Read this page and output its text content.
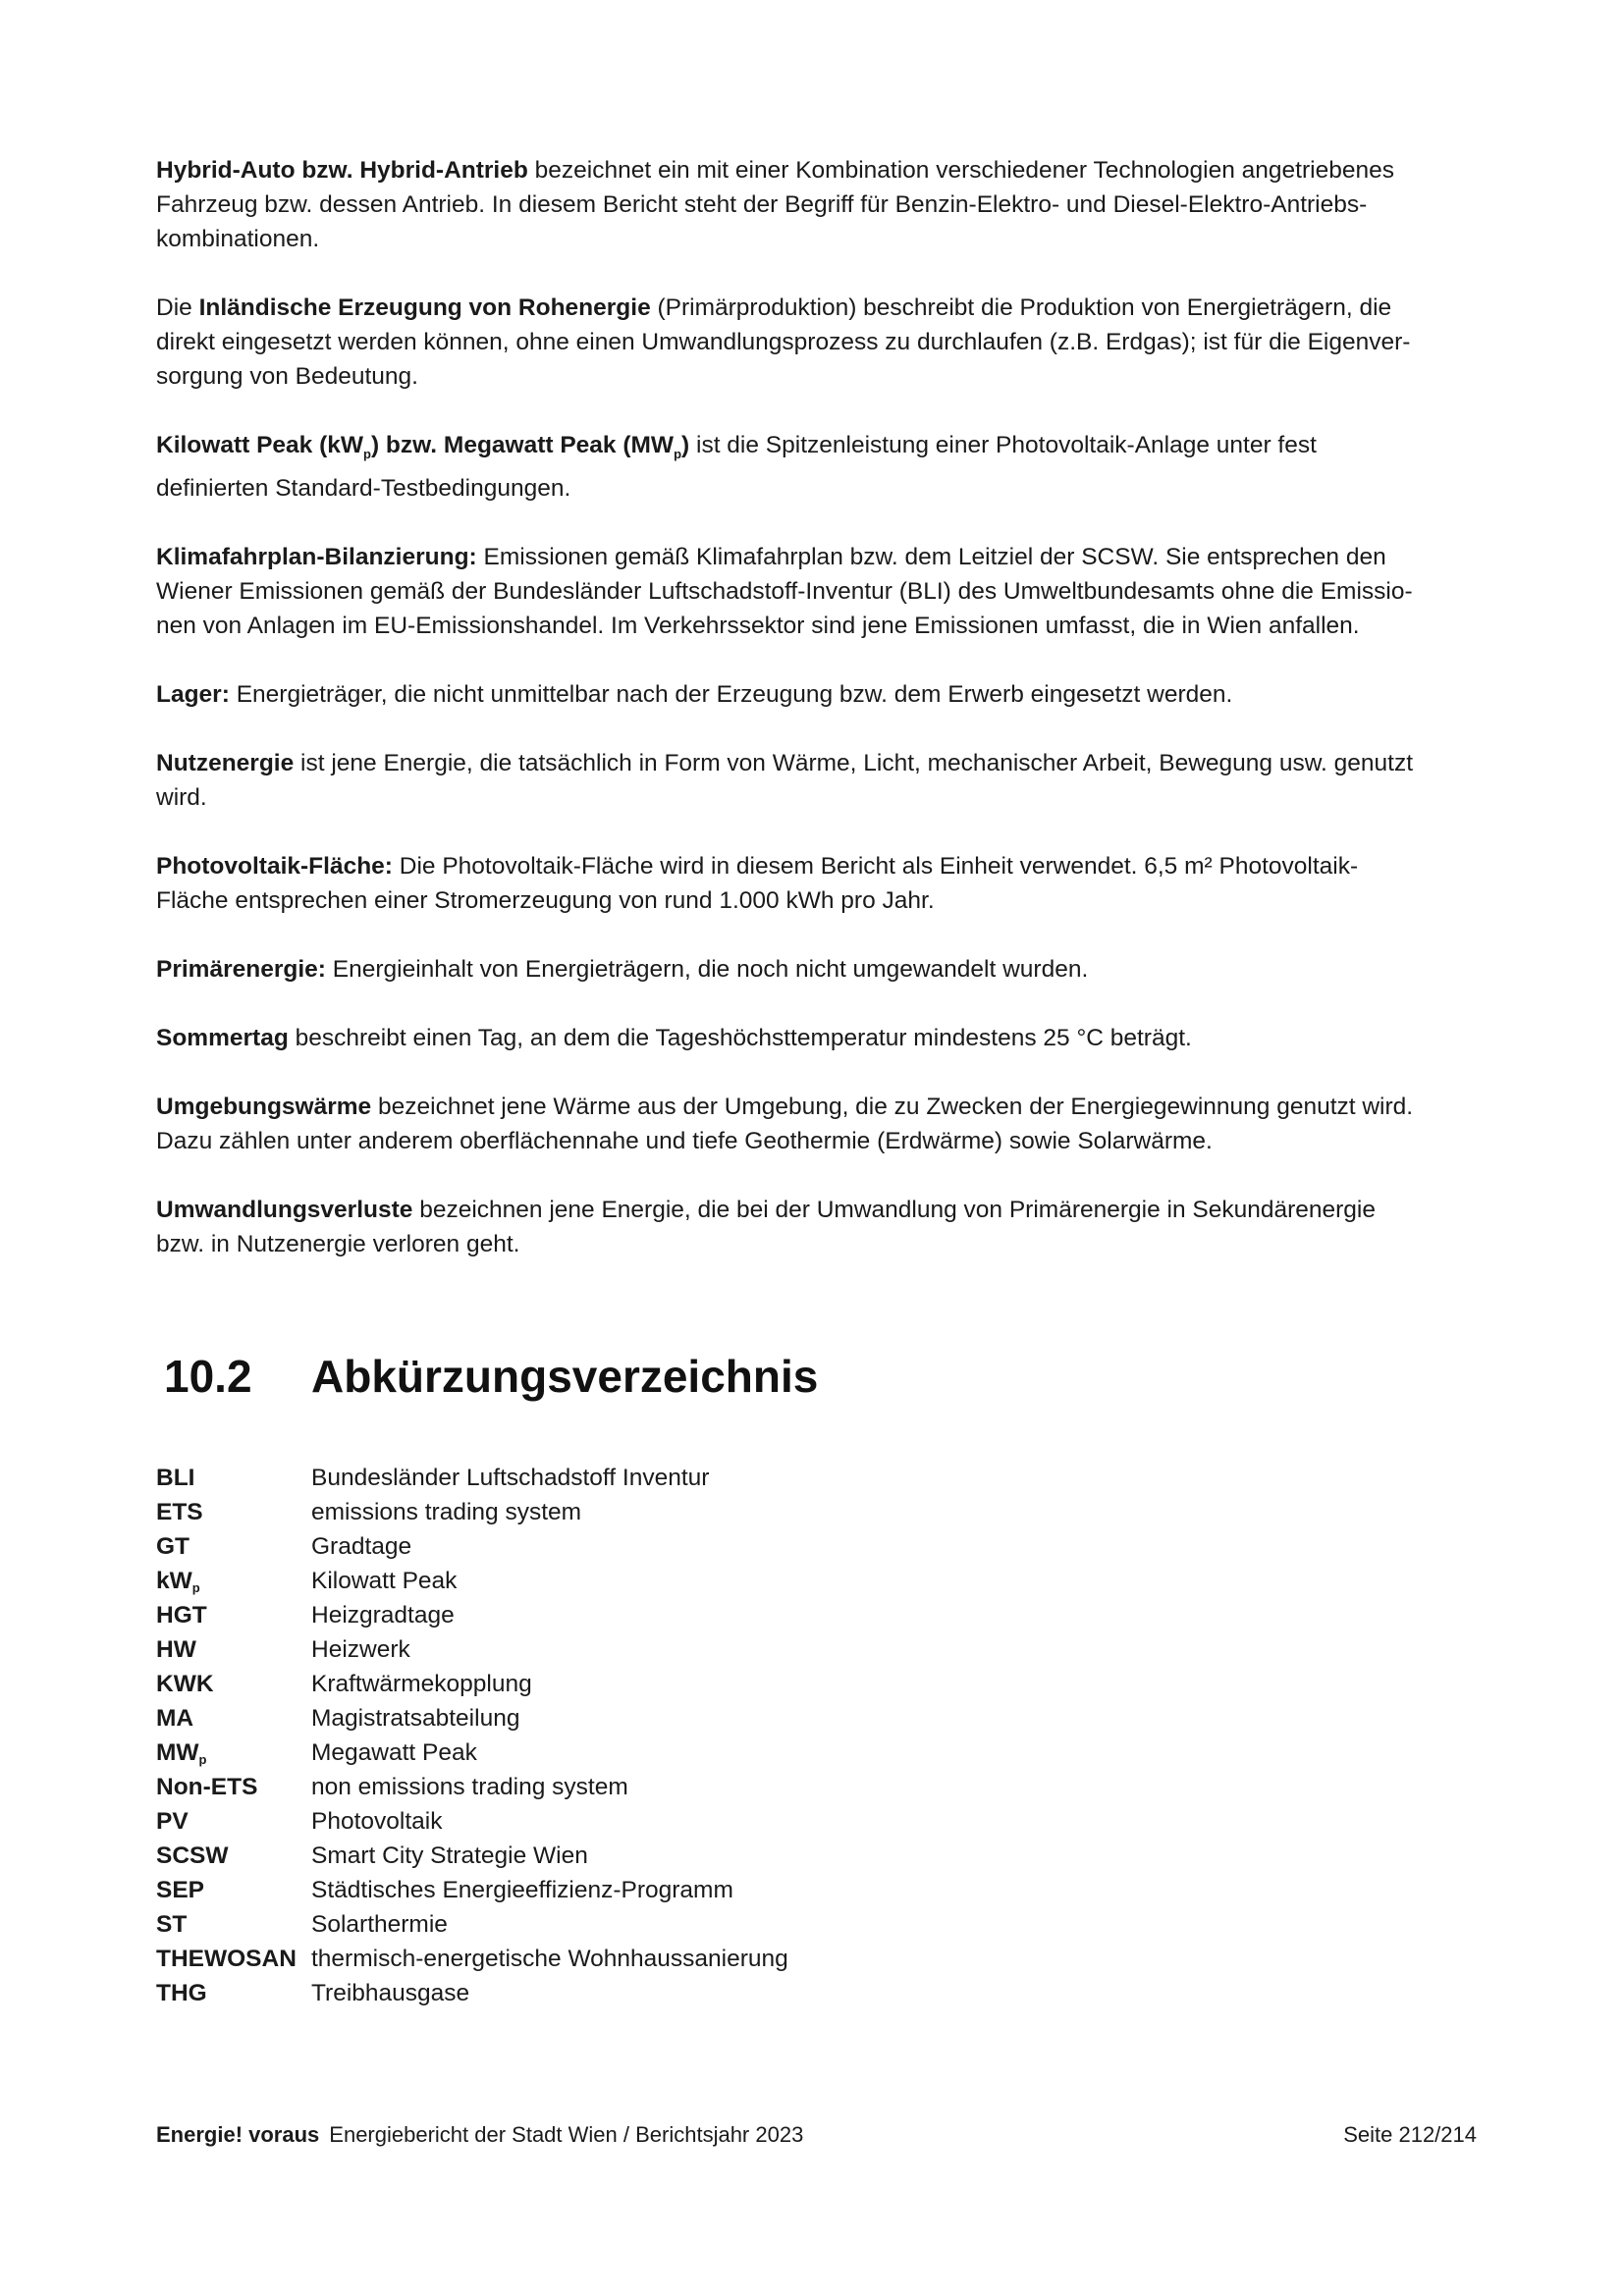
Hybrid-Auto bzw. Hybrid-Antrieb bezeichnet ein mit einer Kombination verschiedener Technologien angetriebenes
Fahrzeug bzw. dessen Antrieb. In diesem Bericht steht der Begriff für Benzin-Elektro- und Diesel-Elektro-Antriebs-
kombinationen.

Die Inländische Erzeugung von Rohenergie (Primärproduktion) beschreibt die Produktion von Energieträgern, die
direkt eingesetzt werden können, ohne einen Umwandlungsprozess zu durchlaufen (z.B. Erdgas); ist für die Eigenver-
sorgung von Bedeutung.

Kilowatt Peak $(kW_p)$ bzw. Megawatt Peak $(MW_p)$ ist die Spitzenleistung einer Photovoltaik-Anlage unter fest
definierten Standard-Testbedingungen.

Klimafahrplan-Bilanzierung: Emissionen gemäß Klimafahrplan bzw. dem Leitziel der SCSW. Sie entsprechen den
Wiener Emissionen gemäß der Bundesländer Luftschadstoff-Inventur (BLI) des Umweltbundesamts ohne die Emissio-
nen von Anlagen im EU-Emissionshandel. Im Verkehrssektor sind jene Emissionen umfasst, die in Wien anfallen.

Lager: Energieträger, die nicht unmittelbar nach der Erzeugung bzw. dem Erwerb eingesetzt werden.

Nutzenergie ist jene Energie, die tatsächlich in Form von Wärme, Licht, mechanischer Arbeit, Bewegung usw. genutzt
wird.

Photovoltaik-Fläche: Die Photovoltaik-Fläche wird in diesem Bericht als Einheit verwendet. 6,5 m² Photovoltaik-
Fläche entsprechen einer Stromerzeugung von rund 1.000 kWh pro Jahr.

Primärenergie: Energieinhalt von Energieträgern, die noch nicht umgewandelt wurden.

Sommertag beschreibt einen Tag, an dem die Tageshöchsttemperatur mindestens 25 °C beträgt.

Umgebungswärme bezeichnet jene Wärme aus der Umgebung, die zu Zwecken der Energiegewinnung genutzt wird.
Dazu zählen unter anderem oberflächennahe und tiefe Geothermie (Erdwärme) sowie Solarwärme.

Umwandlungsverluste bezeichnen jene Energie, die bei der Umwandlung von Primärenergie in Sekundärenergie
bzw. in Nutzenergie verloren geht.

10.2 Abkürzungsverzeichnis
BLI	Bundesländer Luftschadstoff Inventur
ETS	emissions trading system
GT	Gradtage
$kW_p$	Kilowatt Peak
HGT	Heizgradtage
HW	Heizwerk
KWK	Kraftwärmekopplung
MA	Magistratsabteilung
$MW_p$	Megawatt Peak
Non-ETS	non emissions trading system
PV	Photovoltaik
SCSW	Smart City Strategie Wien
SEP	Städtisches Energieeffizienz-Programm
ST	Solarthermie
THEWOSAN thermisch-energetische Wohnhaussanierung
THG	Treibhausgase
Energie! voraus Energiebericht der Stadt Wien / Berichtsjahr 2023	Seite 212/214
